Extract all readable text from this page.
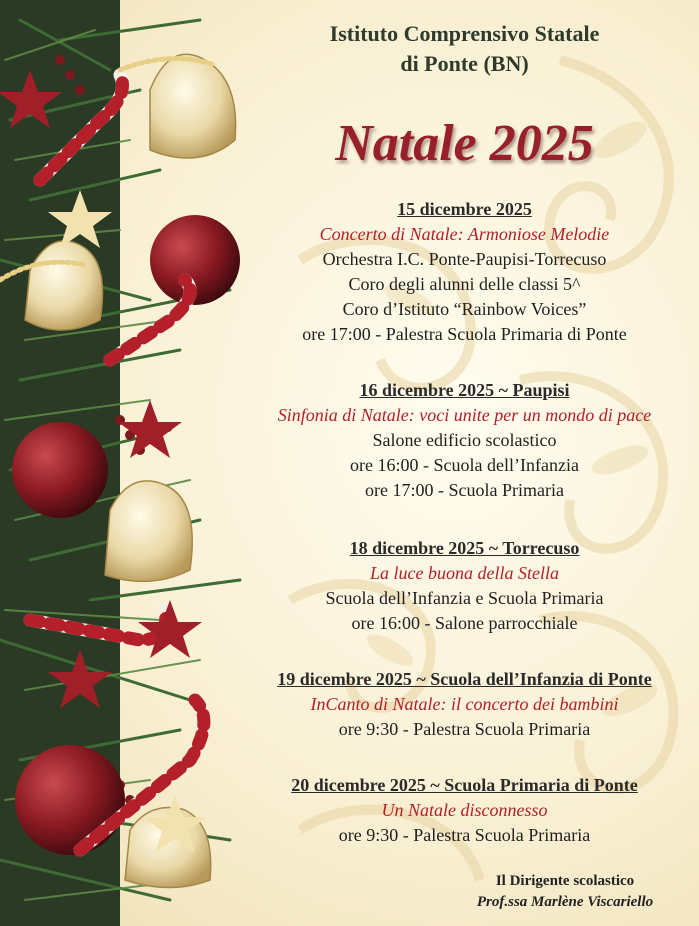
Istituto Comprensivo Statale
di Ponte (BN)
Natale 2025
15 dicembre 2025
Concerto di Natale: Armoniose Melodie
Orchestra I.C. Ponte-Paupisi-Torrecuso
Coro degli alunni delle classi 5^
Coro d’Istituto “Rainbow Voices”
ore 17:00 - Palestra Scuola Primaria di Ponte
16 dicembre 2025 ~ Paupisi
Sinfonia di Natale: voci unite per un mondo di pace
Salone edificio scolastico
ore 16:00 - Scuola dell’Infanzia
ore 17:00 - Scuola Primaria
18 dicembre 2025 ~ Torrecuso
La luce buona della Stella
Scuola dell’Infanzia e Scuola Primaria
ore 16:00 - Salone parrocchiale
19 dicembre 2025 ~ Scuola dell’Infanzia di Ponte
InCanto di Natale: il concerto dei bambini
ore 9:30 - Palestra Scuola Primaria
20 dicembre 2025 ~ Scuola Primaria di Ponte
Un Natale disconnesso
ore 9:30 - Palestra Scuola Primaria
Il Dirigente scolastico
Prof.ssa Marlène Viscariello
